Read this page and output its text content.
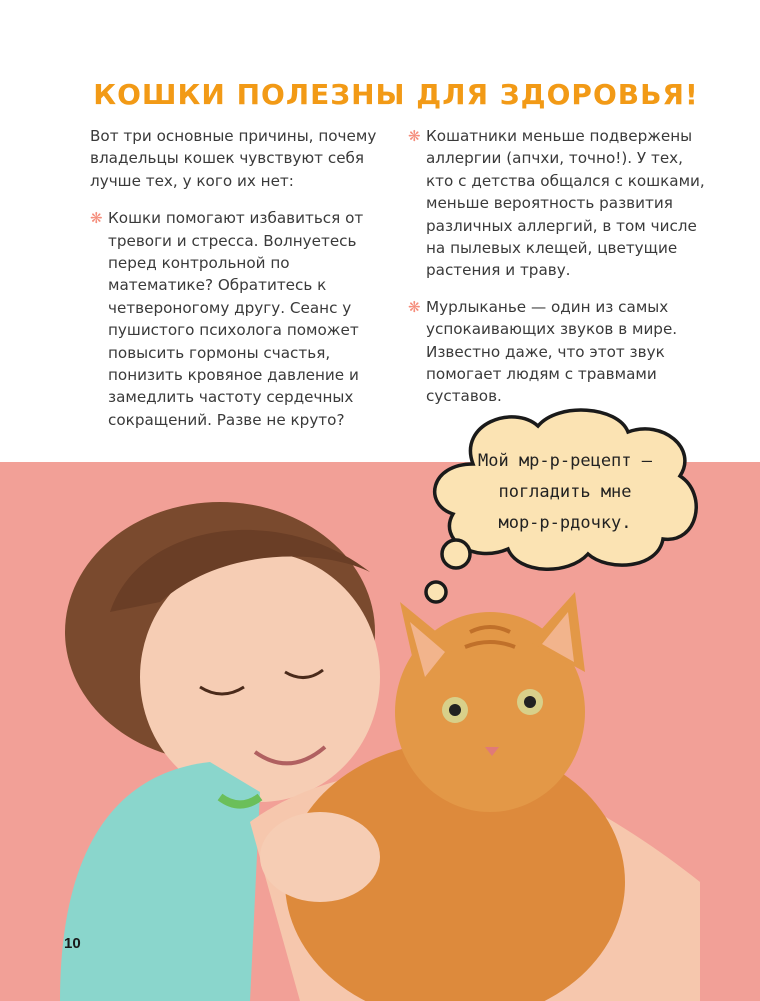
КОШКИ ПОЛЕЗНЫ ДЛЯ ЗДОРОВЬЯ!

Вот три основные причины, почему владельцы кошек чувствуют себя лучше тех, у кого их нет:

❋ Кошки помогают избавиться от тревоги и стресса. Волнуетесь перед контрольной по математике? Обратитесь к четвероногому другу. Сеанс у пушистого психолога поможет повысить гормоны счастья, понизить кровяное давление и замедлить частоту сердечных сокращений. Разве не круто?

❋ Кошатники меньше подвержены аллергии (апчхи, точно!). У тех, кто с детства общался с кошками, меньше вероятность развития различных аллергий, в том числе на пылевых клещей, цветущие растения и траву.

❋ Мурлыканье — один из самых успокаивающих звуков в мире. Известно даже, что этот звук помогает людям с травмами суставов.

Мой мр-р-рецепт —
погладить мне
мор-р-рдочку.
10
